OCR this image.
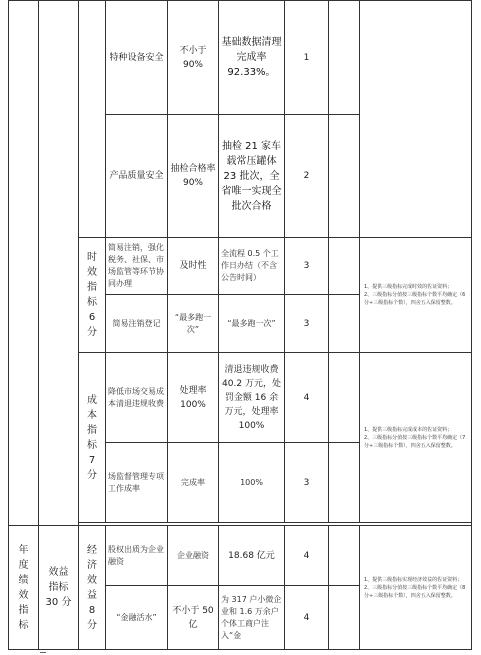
			特种设备安全	不小于 90%	基础数据清理完成率 92.33%。	1		
			产品质量安全	抽检合格率 90%	抽检 21 家车载常压罐体 23 批次，全省唯一实现全批次合格	2		
		时效指标 6 分	简易注销，强化税务、社保、市场监管等环节协同办理	及时性	全流程 0.5 个工作日办结（不含公告时间）	3		1、提供三级指标完成时效的佐证资料；

2、三级指标分值按三级指标个数平均确定（6 分÷三级指标个数），四舍五入保留整数。

			简易注销登记	“最多跑一次”	“最多跑一次”	3		
		成本指标 7 分	降低市场交易成本清退违规收费	处理率 100%	清退违规收费 40.2 万元，处罚金额 16 余万元，处理率 100%	4		1、提供三级指标完成成本的佐证资料；

2、三级指标分值按三级指标个数平均确定（7 分÷三级指标个数），四舍五入保留整数。

			场监督管理专项工作成率	完成率	100%	3		

年度绩效指标	效益指标 30 分	经济效益 8 分	股权出质为企业融资	企业融资	18.68 亿元	4		1、提供三级指标实现经济效益的佐证资料；

2、三级指标分值按三级指标个数平均确定（8 分÷三级指标个数），四舍五入保留整数。

			“金融活水”	不小于 50 亿	为 317 户小微企业和 1.6 万余户个体工商户注入“金	4		
